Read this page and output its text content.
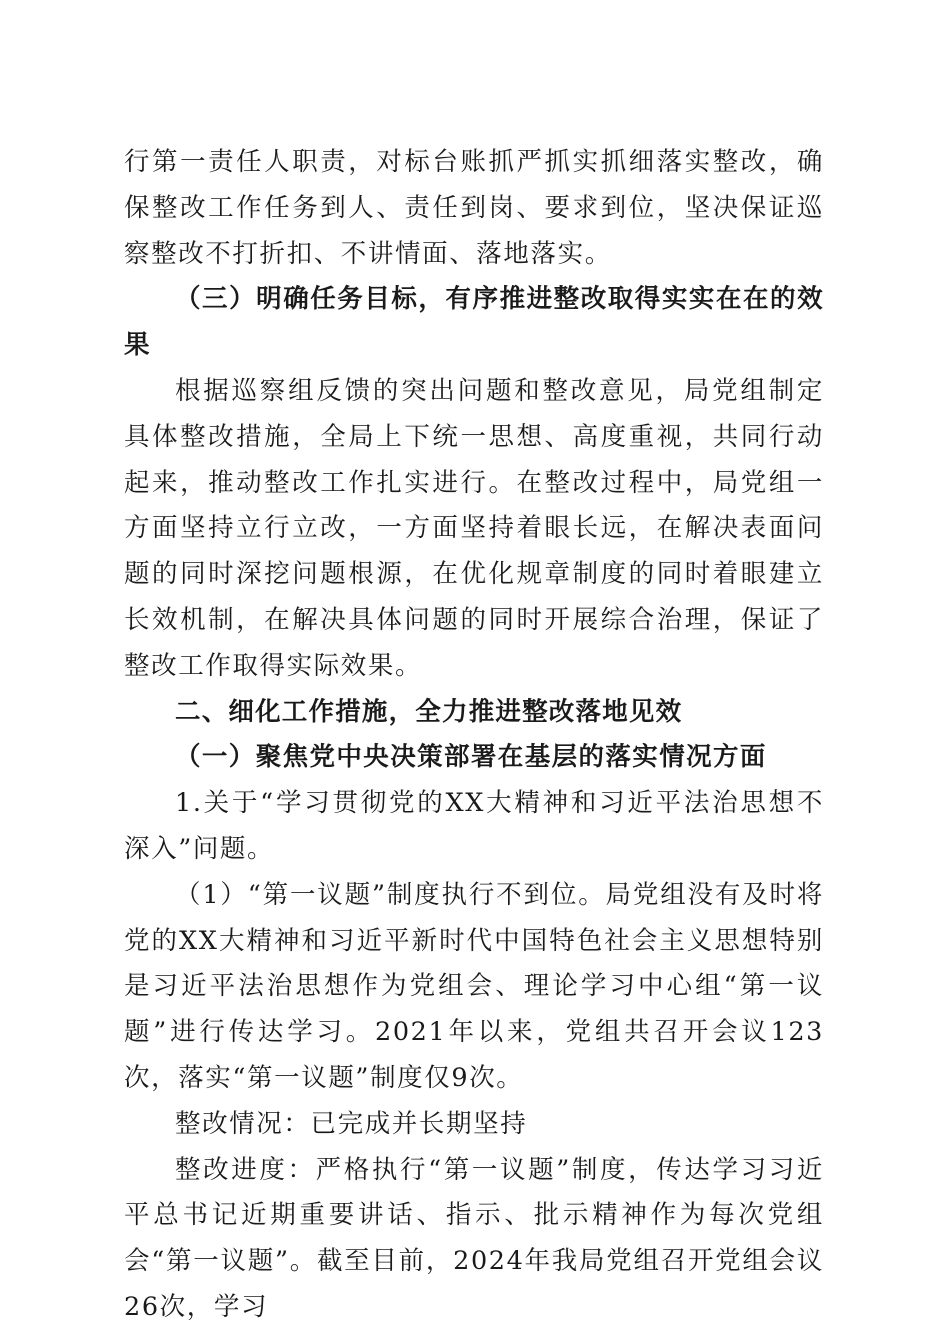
行第一责任人职责，对标台账抓严抓实抓细落实整改，确保整改工作任务到人、责任到岗、要求到位，坚决保证巡察整改不打折扣、不讲情面、落地落实。

（三）明确任务目标，有序推进整改取得实实在在的效果

根据巡察组反馈的突出问题和整改意见，局党组制定具体整改措施，全局上下统一思想、高度重视，共同行动起来，推动整改工作扎实进行。在整改过程中，局党组一方面坚持立行立改，一方面坚持着眼长远，在解决表面问题的同时深挖问题根源，在优化规章制度的同时着眼建立长效机制，在解决具体问题的同时开展综合治理，保证了整改工作取得实际效果。

二、细化工作措施，全力推进整改落地见效

（一）聚焦党中央决策部署在基层的落实情况方面

1.关于“学习贯彻党的XX大精神和习近平法治思想不深入”问题。

（1）“第一议题”制度执行不到位。局党组没有及时将党的XX大精神和习近平新时代中国特色社会主义思想特别是习近平法治思想作为党组会、理论学习中心组“第一议题”进行传达学习。2021年以来，党组共召开会议123次，落实“第一议题”制度仅9次。

整改情况：已完成并长期坚持

整改进度：严格执行“第一议题”制度，传达学习习近平总书记近期重要讲话、指示、批示精神作为每次党组会“第一议题”。截至目前，2024年我局党组召开党组会议26次，学习
